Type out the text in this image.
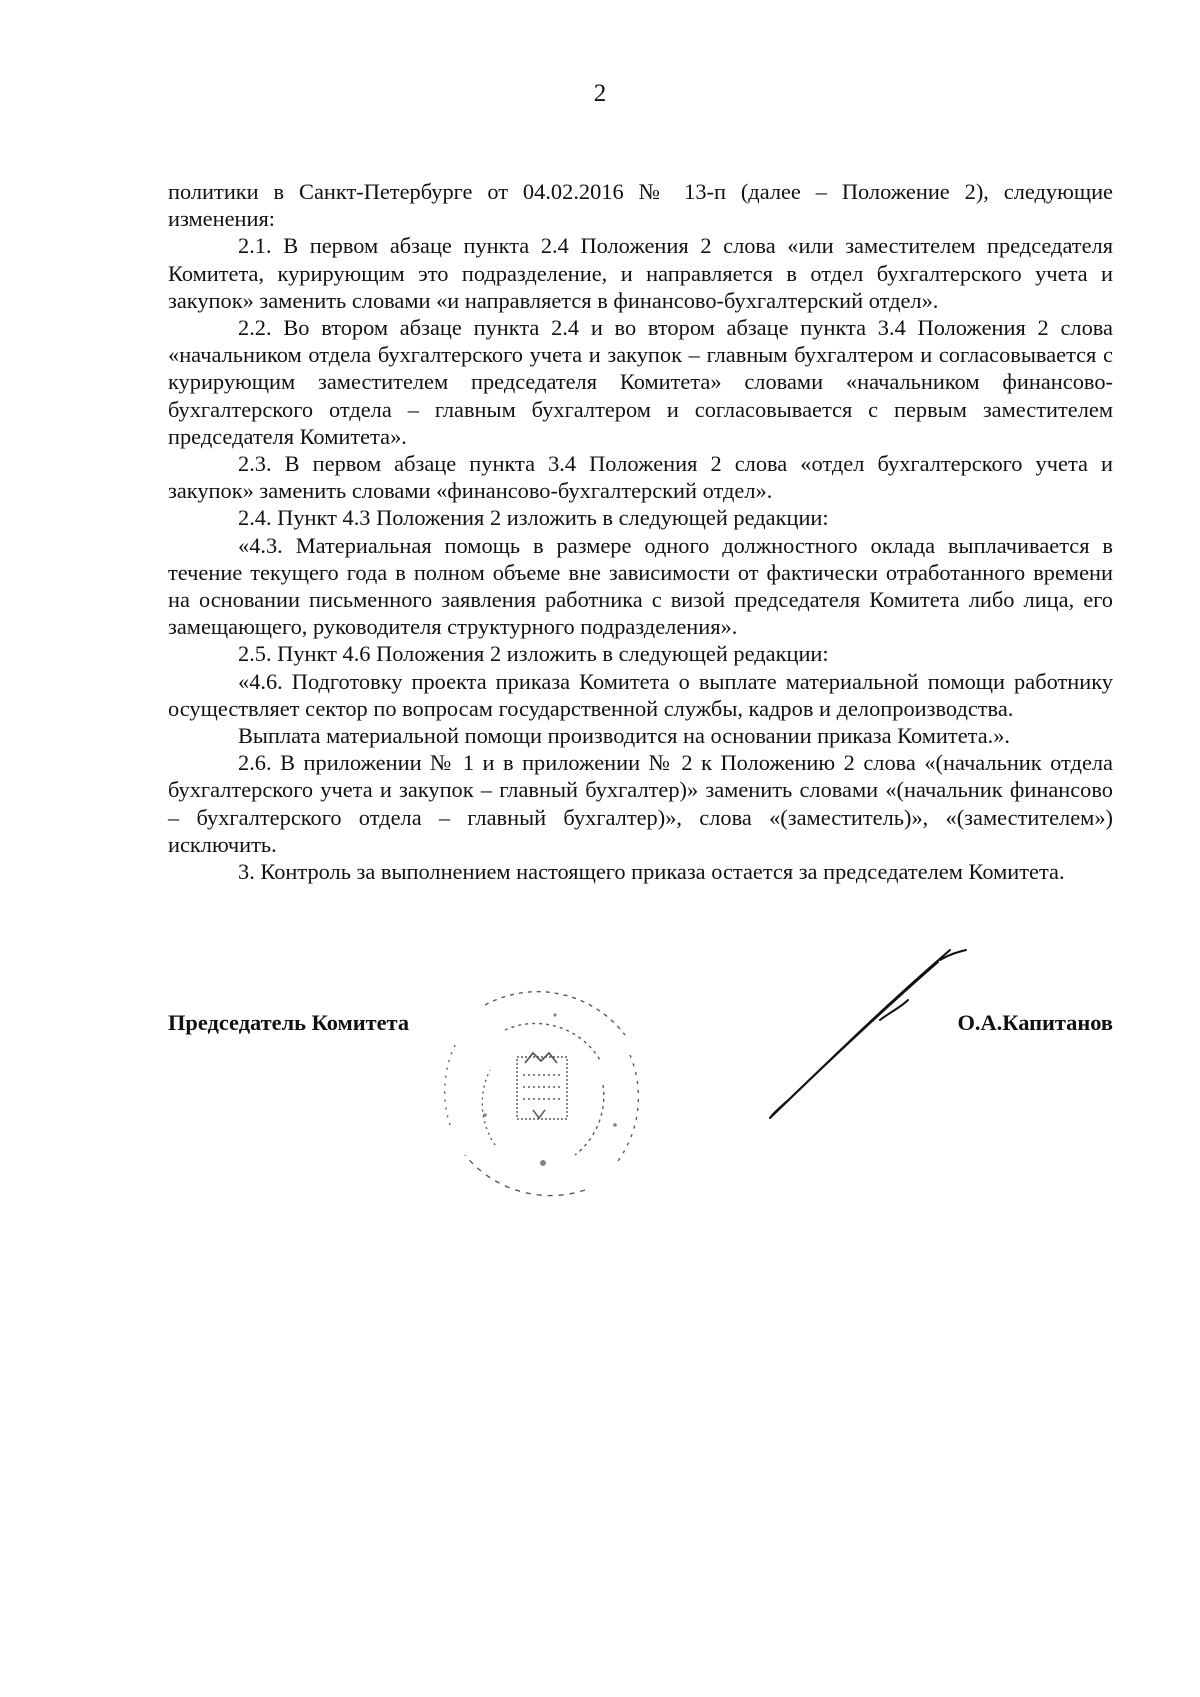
2

политики в Санкт-Петербурге от 04.02.2016 № 13-п (далее – Положение 2), следующие изменения:

2.1. В первом абзаце пункта 2.4 Положения 2 слова «или заместителем председателя Комитета, курирующим это подразделение, и направляется в отдел бухгалтерского учета и закупок» заменить словами «и направляется в финансово-бухгалтерский отдел».

2.2. Во втором абзаце пункта 2.4 и во втором абзаце пункта 3.4 Положения 2 слова «начальником отдела бухгалтерского учета и закупок – главным бухгалтером и согласовывается с курирующим заместителем председателя Комитета» словами «начальником финансово-бухгалтерского отдела – главным бухгалтером и согласовывается с первым заместителем председателя Комитета».

2.3. В первом абзаце пункта 3.4 Положения 2 слова «отдел бухгалтерского учета и закупок» заменить словами «финансово-бухгалтерский отдел».

2.4. Пункт 4.3 Положения 2 изложить в следующей редакции:

«4.3. Материальная помощь в размере одного должностного оклада выплачивается в течение текущего года в полном объеме вне зависимости от фактически отработанного времени на основании письменного заявления работника с визой председателя Комитета либо лица, его замещающего, руководителя структурного подразделения».

2.5. Пункт 4.6 Положения 2 изложить в следующей редакции:

«4.6. Подготовку проекта приказа Комитета о выплате материальной помощи работнику осуществляет сектор по вопросам государственной службы, кадров и делопроизводства.

Выплата материальной помощи производится на основании приказа Комитета.».

2.6. В приложении № 1 и в приложении № 2 к Положению 2 слова «(начальник отдела бухгалтерского учета и закупок – главный бухгалтер)» заменить словами «(начальник финансово – бухгалтерского отдела – главный бухгалтер)», слова «(заместитель)», «(заместителем») исключить.

3. Контроль за выполнением настоящего приказа остается за председателем Комитета.

Председатель Комитета	О.А.Капитанов
